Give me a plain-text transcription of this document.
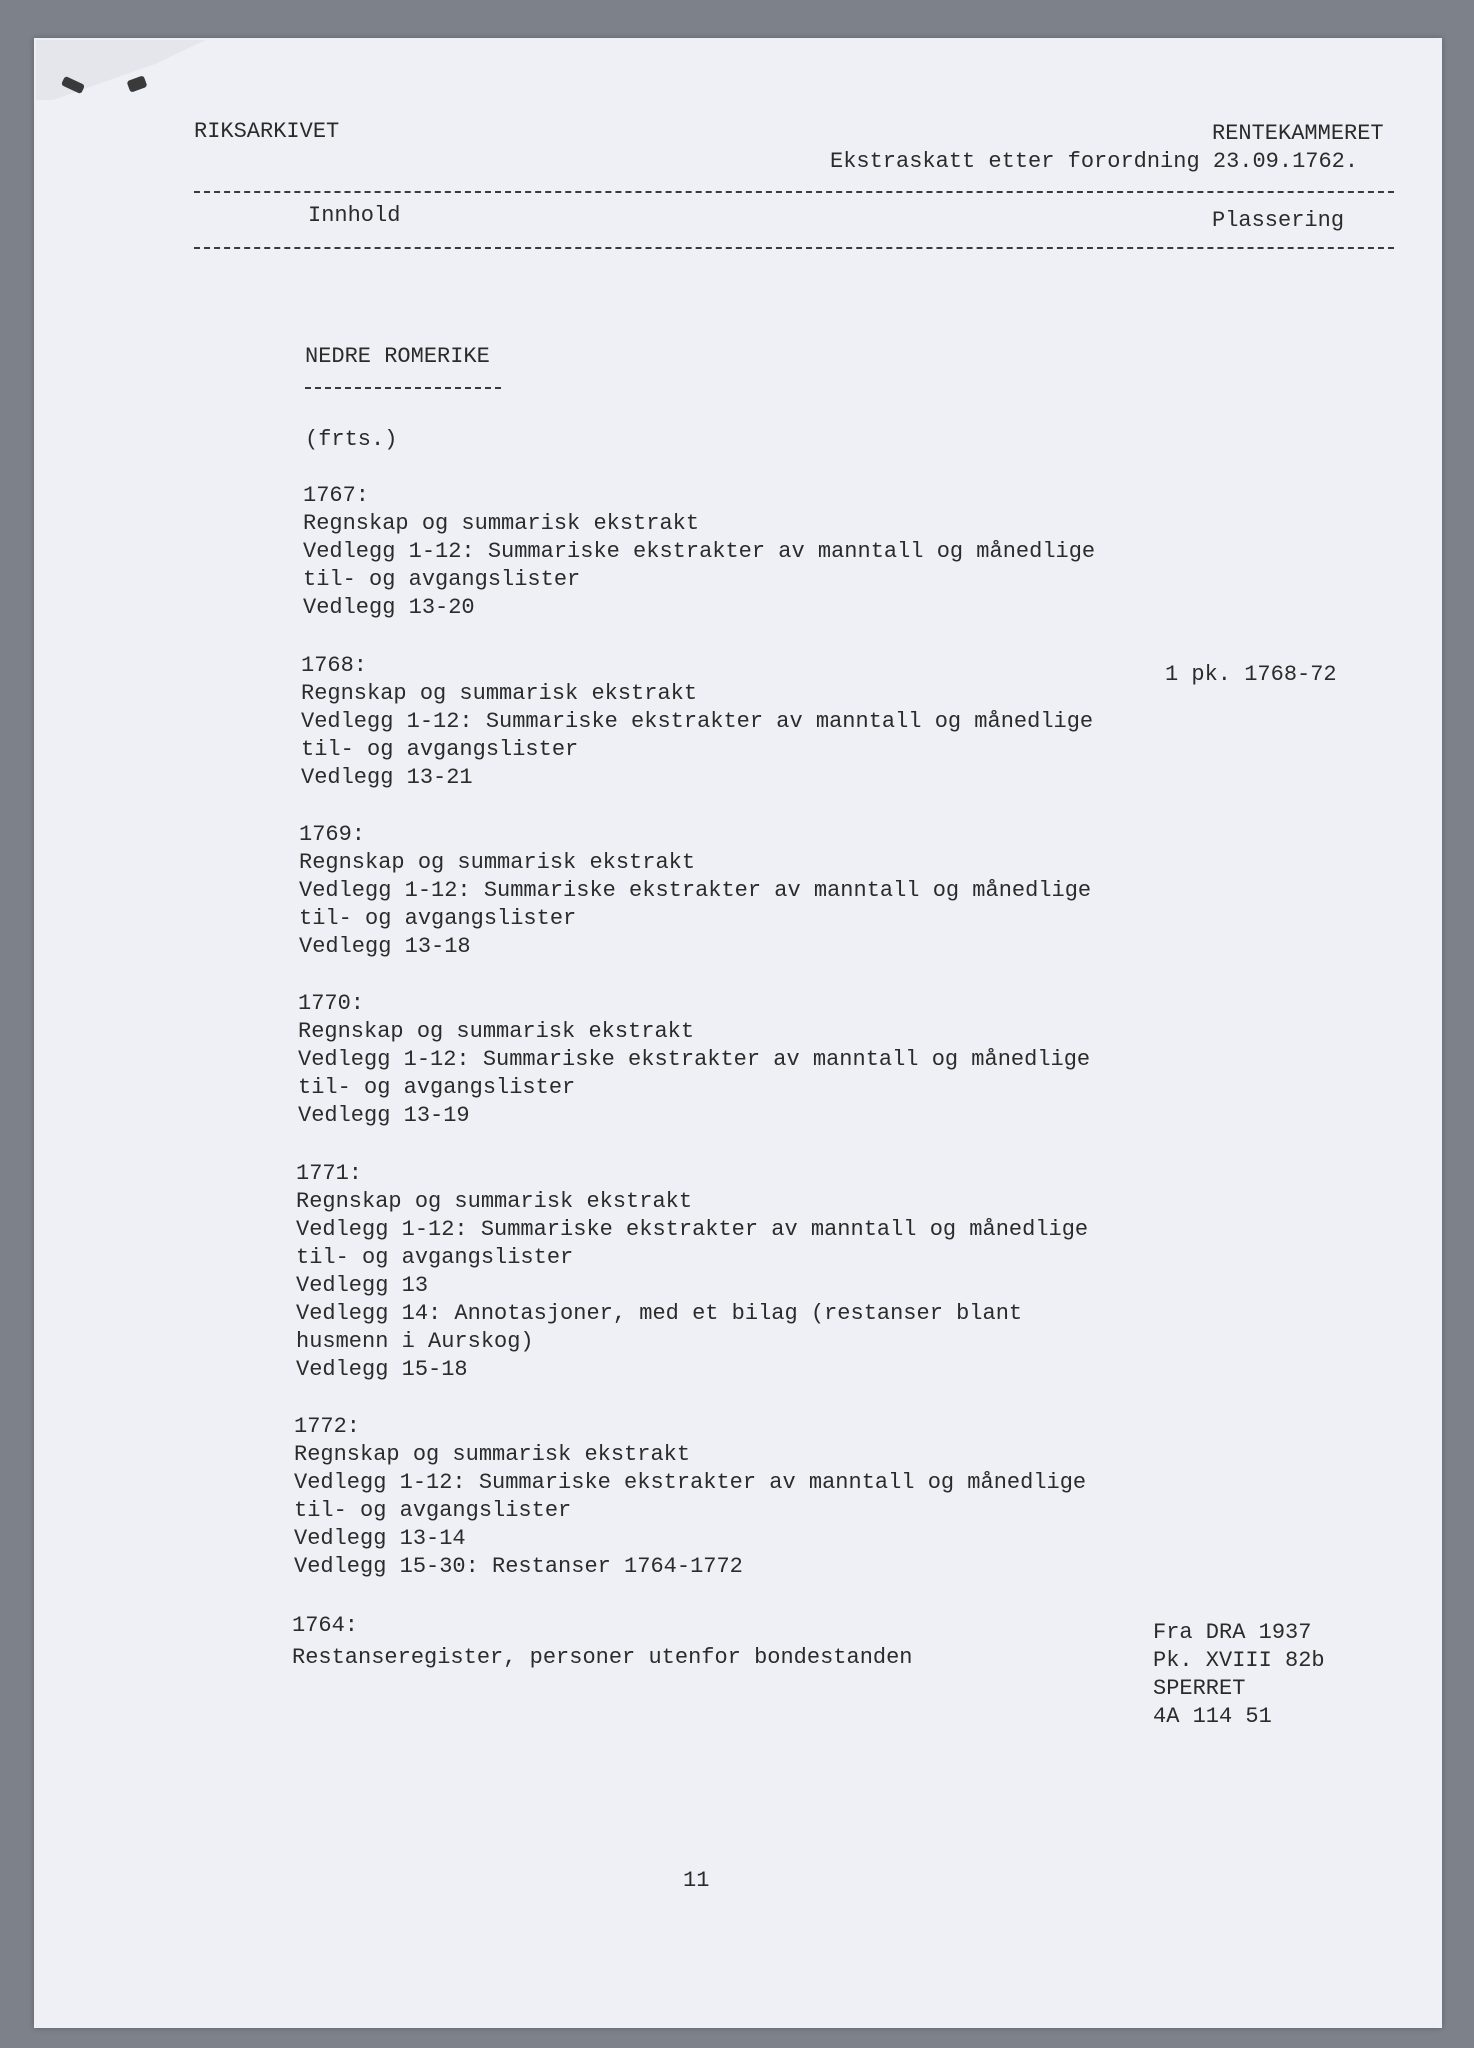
RIKSARKIVET	RENTEKAMMERET
Ekstraskatt etter forordning 23.09.1762.
Innhold	Plassering
NEDRE ROMERIKE
(frts.)
1767:
Regnskap og summarisk ekstrakt
Vedlegg 1-12: Summariske ekstrakter av manntall og månedlige
til- og avgangslister
Vedlegg 13-20
1768:
Regnskap og summarisk ekstrakt
Vedlegg 1-12: Summariske ekstrakter av manntall og månedlige
til- og avgangslister
Vedlegg 13-21
1 pk. 1768-72
1769:
Regnskap og summarisk ekstrakt
Vedlegg 1-12: Summariske ekstrakter av manntall og månedlige
til- og avgangslister
Vedlegg 13-18
1770:
Regnskap og summarisk ekstrakt
Vedlegg 1-12: Summariske ekstrakter av manntall og månedlige
til- og avgangslister
Vedlegg 13-19
1771:
Regnskap og summarisk ekstrakt
Vedlegg 1-12: Summariske ekstrakter av manntall og månedlige
til- og avgangslister
Vedlegg 13
Vedlegg 14: Annotasjoner, med et bilag (restanser blant
husmenn i Aurskog)
Vedlegg 15-18
1772:
Regnskap og summarisk ekstrakt
Vedlegg 1-12: Summariske ekstrakter av manntall og månedlige
til- og avgangslister
Vedlegg 13-14
Vedlegg 15-30: Restanser 1764-1772
1764:
Restanseregister, personer utenfor bondestanden
Fra DRA 1937
Pk. XVIII 82b
SPERRET
4A 114 51
11
